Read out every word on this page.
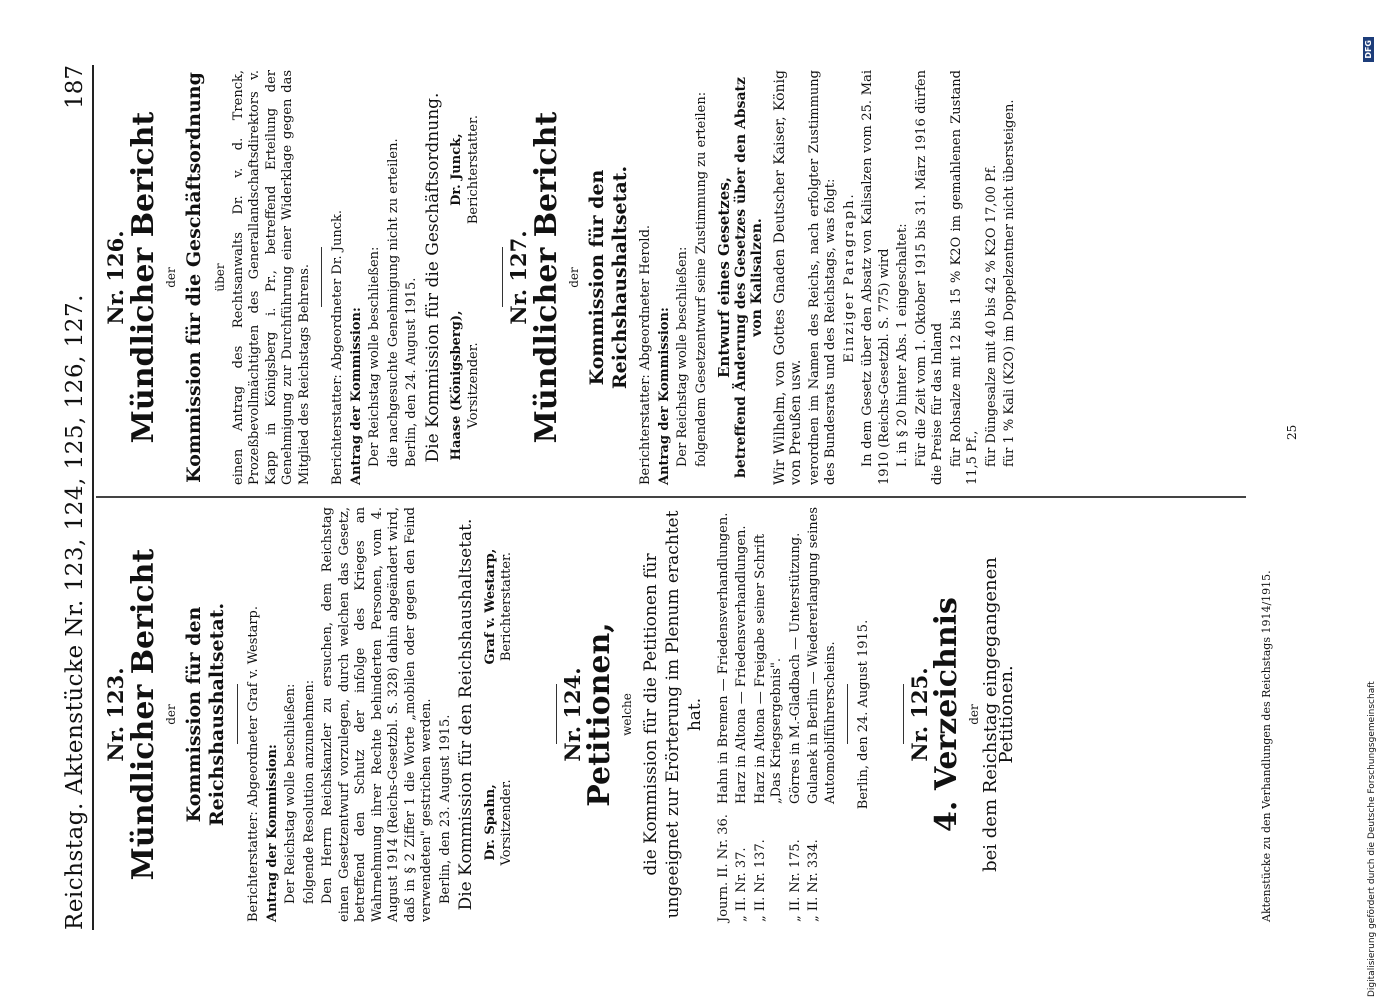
Reichstag. Aktenstücke Nr. 123, 124, 125, 126, 127.
187
Nr. 123.
Mündlicher Bericht der Kommission für den Reichshaushaltsetat. Berichterstatter: Abgeordneter Graf v. Westarp. Antrag der Kommission: Der Reichstag wolle beschließen: folgende Resolution anzunehmen: Den Herrn Reichskanzler zu ersuchen, dem Reichstag einen Gesetzentwurf vorzulegen, durch welchen das Gesetz, betreffend den Schutz der infolge des Krieges an Wahrnehmung ihrer Rechte behinderten Personen, vom 4. August 1914 (Reichs-Gesetzbl. S. 328) dahin abgeändert wird, daß in § 2 Ziffer 1 die Worte „mobilen oder gegen den Feind verwendeten" gestrichen werden. Berlin, den 23. August 1915. Die Kommission für den Reichshaushaltsetat. Dr. Spahn, Vorsitzender.
Graf v. Westarp, Berichterstatter.
Nr. 124.
Petitionen, welche die Kommission für die Petitionen für ungeeignet zur Erörterung im Plenum erachtet hat.
Journ. II. Nr. 36.
Hahn in Bremen — Friedensverhandlungen.
„ II. Nr. 37.
Harz in Altona — Friedensverhandlungen.
„ II. Nr. 137.
Harz in Altona — Freigabe seiner Schrift „Das Kriegsergebnis".
„ II. Nr. 175.
Görres in M.-Gladbach — Unterstützung.
„ II. Nr. 334.
Gulanek in Berlin — Wiedererlangung seines Automobilführerscheins. Berlin, den 24. August 1915. Nr. 125.
4. Verzeichnis der
bei dem Reichstag eingegangenen Petitionen.
Nr. 126.
Mündlicher Bericht der Kommission für die Geschäftsordnung über einen Antrag des Rechtsanwalts Dr. v. d. Trenck, Prozeßbevollmächtigten des Generallandschaftsdirektors v. Kapp in Königsberg i. Pr., betreffend Erteilung der Genehmigung zur Durchführung einer Widerklage gegen das Mitglied des Reichstags Behrens. Berichterstatter: Abgeordneter Dr. Junck. Antrag der Kommission: Der Reichstag wolle beschließen: die nachgesuchte Genehmigung nicht zu erteilen. Berlin, den 24. August 1915. Die Kommission für die Geschäftsordnung. Haase (Königsberg), Vorsitzender.
Dr. Junck, Berichterstatter.
Nr. 127.
Mündlicher Bericht der Kommission für den Reichshaushaltsetat. Berichterstatter: Abgeordneter Herold. Antrag der Kommission: Der Reichstag wolle beschließen: folgendem Gesetzentwurf seine Zustimmung zu erteilen: Entwurf eines Gesetzes, betreffend Änderung des Gesetzes über den Absatz von Kalisalzen. Wir Wilhelm, von Gottes Gnaden Deutscher Kaiser, König von Preußen usw. verordnen im Namen des Reichs, nach erfolgter Zustimmung des Bundesrats und des Reichstags, was folgt: Einziger Paragraph. In dem Gesetz über den Absatz von Kalisalzen vom 25. Mai 1910 (Reichs-Gesetzbl. S. 775) wird I. in § 20 hinter Abs. 1 eingeschaltet: Für die Zeit vom 1. Oktober 1915 bis 31. März 1916 dürfen die Preise für das Inland für Rohsalze mit 12 bis 15 % K2O im gemahlenen Zustand 11,5 Pf., für Düngesalze mit 40 bis 42 % K2O 17,00 Pf. für 1 % Kali (K2O) im Doppelzentner nicht übersteigen.

Aktenstücke zu den Verhandlungen des Reichstags 1914/1915.
25
Digitalisierung gefördert durch die Deutsche Forschungsgemeinschaft
DFG
